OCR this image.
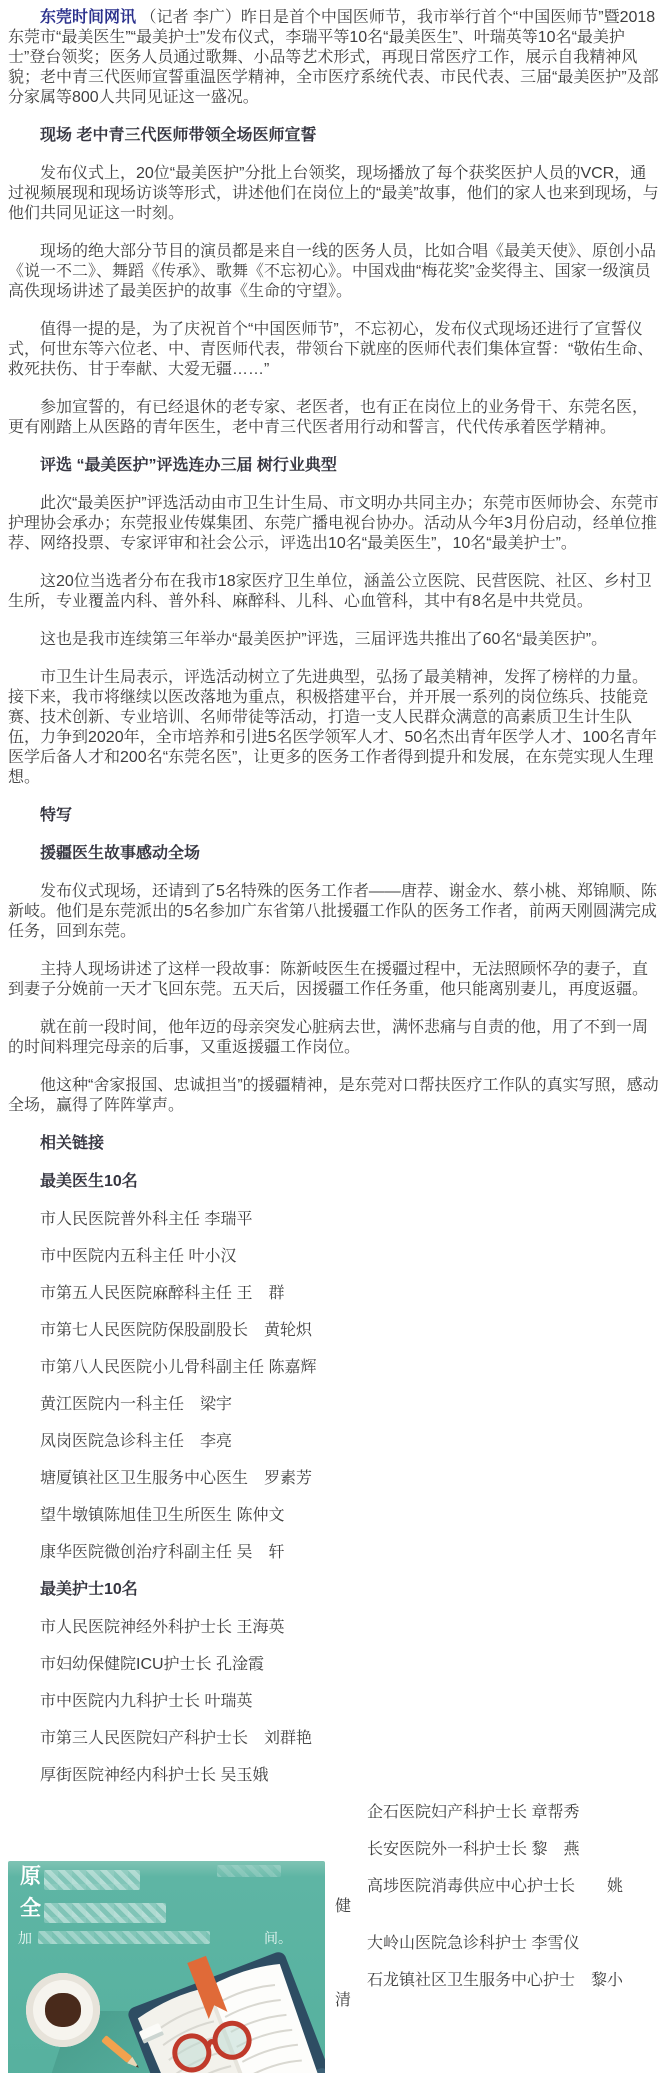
东莞时间网讯 （记者 李广）昨日是首个中国医师节，我市举行首个“中国医师节”暨2018东莞市“最美医生”“最美护士”发布仪式，李瑞平等10名“最美医生”、叶瑞英等10名“最美护士”登台领奖；医务人员通过歌舞、小品等艺术形式，再现日常医疗工作，展示自我精神风貌；老中青三代医师宣誓重温医学精神，全市医疗系统代表、市民代表、三届“最美医护”及部分家属等800人共同见证这一盛况。

现场 老中青三代医师带领全场医师宣誓

发布仪式上，20位“最美医护”分批上台领奖，现场播放了每个获奖医护人员的VCR，通过视频展现和现场访谈等形式，讲述他们在岗位上的“最美”故事，他们的家人也来到现场，与他们共同见证这一时刻。

现场的绝大部分节目的演员都是来自一线的医务人员，比如合唱《最美天使》、原创小品《说一不二》、舞蹈《传承》、歌舞《不忘初心》。中国戏曲“梅花奖”金奖得主、国家一级演员高佚现场讲述了最美医护的故事《生命的守望》。

值得一提的是，为了庆祝首个“中国医师节”，不忘初心，发布仪式现场还进行了宣誓仪式，何世东等六位老、中、青医师代表，带领台下就座的医师代表们集体宣誓：“敬佑生命、救死扶伤、甘于奉献、大爱无疆……”

参加宣誓的，有已经退休的老专家、老医者，也有正在岗位上的业务骨干、东莞名医，更有刚踏上从医路的青年医生，老中青三代医者用行动和誓言，代代传承着医学精神。

评选 “最美医护”评选连办三届 树行业典型

此次“最美医护”评选活动由市卫生计生局、市文明办共同主办；东莞市医师协会、东莞市护理协会承办；东莞报业传媒集团、东莞广播电视台协办。活动从今年3月份启动，经单位推荐、网络投票、专家评审和社会公示，评选出10名“最美医生”，10名“最美护士”。

这20位当选者分布在我市18家医疗卫生单位，涵盖公立医院、民营医院、社区、乡村卫生所，专业覆盖内科、普外科、麻醉科、儿科、心血管科，其中有8名是中共党员。

这也是我市连续第三年举办“最美医护”评选，三届评选共推出了60名“最美医护”。

市卫生计生局表示，评选活动树立了先进典型，弘扬了最美精神，发挥了榜样的力量。接下来，我市将继续以医改落地为重点，积极搭建平台，并开展一系列的岗位练兵、技能竞赛、技术创新、专业培训、名师带徒等活动，打造一支人民群众满意的高素质卫生计生队伍，力争到2020年，全市培养和引进5名医学领军人才、50名杰出青年医学人才、100名青年医学后备人才和200名“东莞名医”，让更多的医务工作者得到提升和发展，在东莞实现人生理想。

特写

援疆医生故事感动全场

发布仪式现场，还请到了5名特殊的医务工作者——唐荐、谢金水、蔡小桃、郑锦顺、陈新岐。他们是东莞派出的5名参加广东省第八批援疆工作队的医务工作者，前两天刚圆满完成任务，回到东莞。

主持人现场讲述了这样一段故事：陈新岐医生在援疆过程中，无法照顾怀孕的妻子，直到妻子分娩前一天才飞回东莞。五天后，因援疆工作任务重，他只能离别妻儿，再度返疆。

就在前一段时间，他年迈的母亲突发心脏病去世，满怀悲痛与自责的他，用了不到一周的时间料理完母亲的后事，又重返援疆工作岗位。

他这种“舍家报国、忠诚担当”的援疆精神，是东莞对口帮扶医疗工作队的真实写照，感动全场，赢得了阵阵掌声。

相关链接

最美医生10名

市人民医院普外科主任 李瑞平

市中医院内五科主任 叶小汉

市第五人民医院麻醉科主任 王　群

市第七人民医院防保股副股长　黄轮炽

市第八人民医院小儿骨科副主任 陈嘉辉

黄江医院内一科主任　梁宇

凤岗医院急诊科主任　李亮

塘厦镇社区卫生服务中心医生　罗素芳

望牛墩镇陈旭佳卫生所医生 陈仲文

康华医院微创治疗科副主任 吴　轩

最美护士10名

市人民医院神经外科护士长 王海英

市妇幼保健院ICU护士长 孔淦霞

市中医院内九科护士长 叶瑞英

市第三人民医院妇产科护士长　刘群艳

厚街医院神经内科护士长 吴玉娥

原
全
加	间。

企石医院妇产科护士长 章帮秀

长安医院外一科护士长 黎　燕

高埗医院消毒供应中心护士长　　姚健

大岭山医院急诊科护士 李雪仪

石龙镇社区卫生服务中心护士　黎小清
